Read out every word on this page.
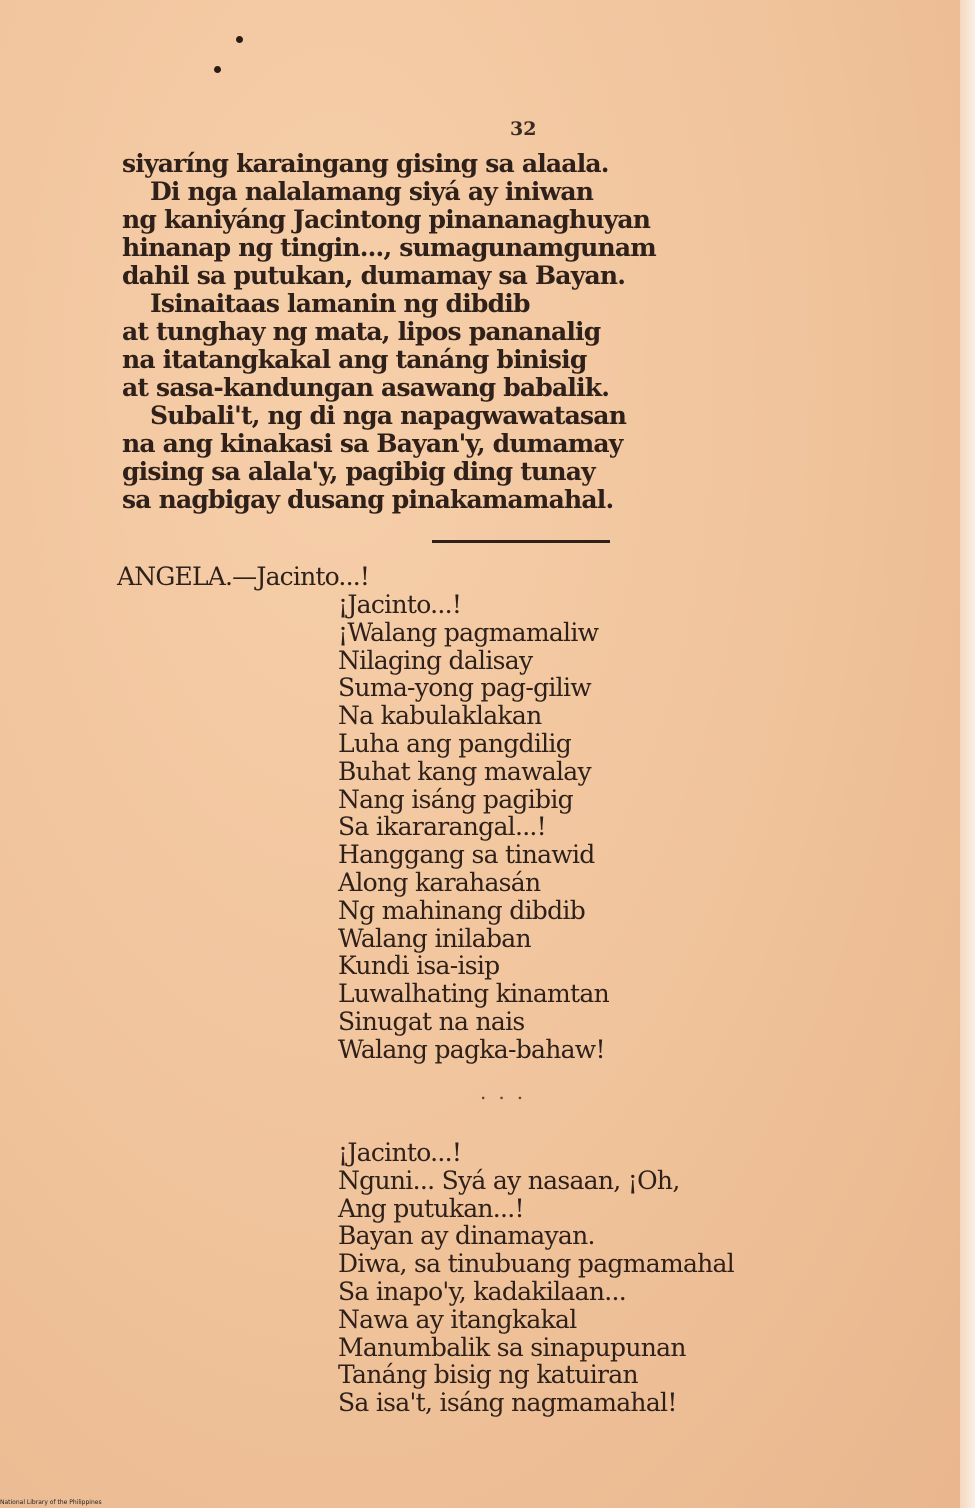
32
siyaríng karaingang gising sa alaala.
Di nga nalalamang siyá ay iniwan
ng kaniyáng Jacintong pinananaghuyan
hinanap ng tingin..., sumagunamgunam
dahil sa putukan, dumamay sa Bayan.
Isinaitaas lamanin ng dibdib
at tunghay ng mata, lipos pananalig
na itatangkakal ang tanáng binisig
at sasa-kandungan asawang babalik.
Subali't, ng di nga napagwawatasan
na ang kinakasi sa Bayan'y, dumamay
gising sa alala'y, pagibig ding tunay
sa nagbigay dusang pinakamamahal.
ANGELA.—Jacinto...!
¡Jacinto...!
¡Walang pagmamaliw
Nilaging dalisay
Suma-yong pag-giliw
Na kabulaklakan
Luha ang pangdilig
Buhat kang mawalay
Nang isáng pagibig
Sa ikararangal...!
Hanggang sa tinawid
Along karahasán
Ng mahinang dibdib
Walang inilaban
Kundi isa-isip
Luwalhating kinamtan
Sinugat na nais
Walang pagka-bahaw!
...
¡Jacinto...!
Nguni... Syá ay nasaan, ¡Oh,
Ang putukan...!
Bayan ay dinamayan.
Diwa, sa tinubuang pagmamahal
Sa inapo'y, kadakilaan...
Nawa ay itangkakal
Manumbalik sa sinapupunan
Tanáng bisig ng katuiran
Sa isa't, isáng nagmamahal!
National Library of the Philippines
